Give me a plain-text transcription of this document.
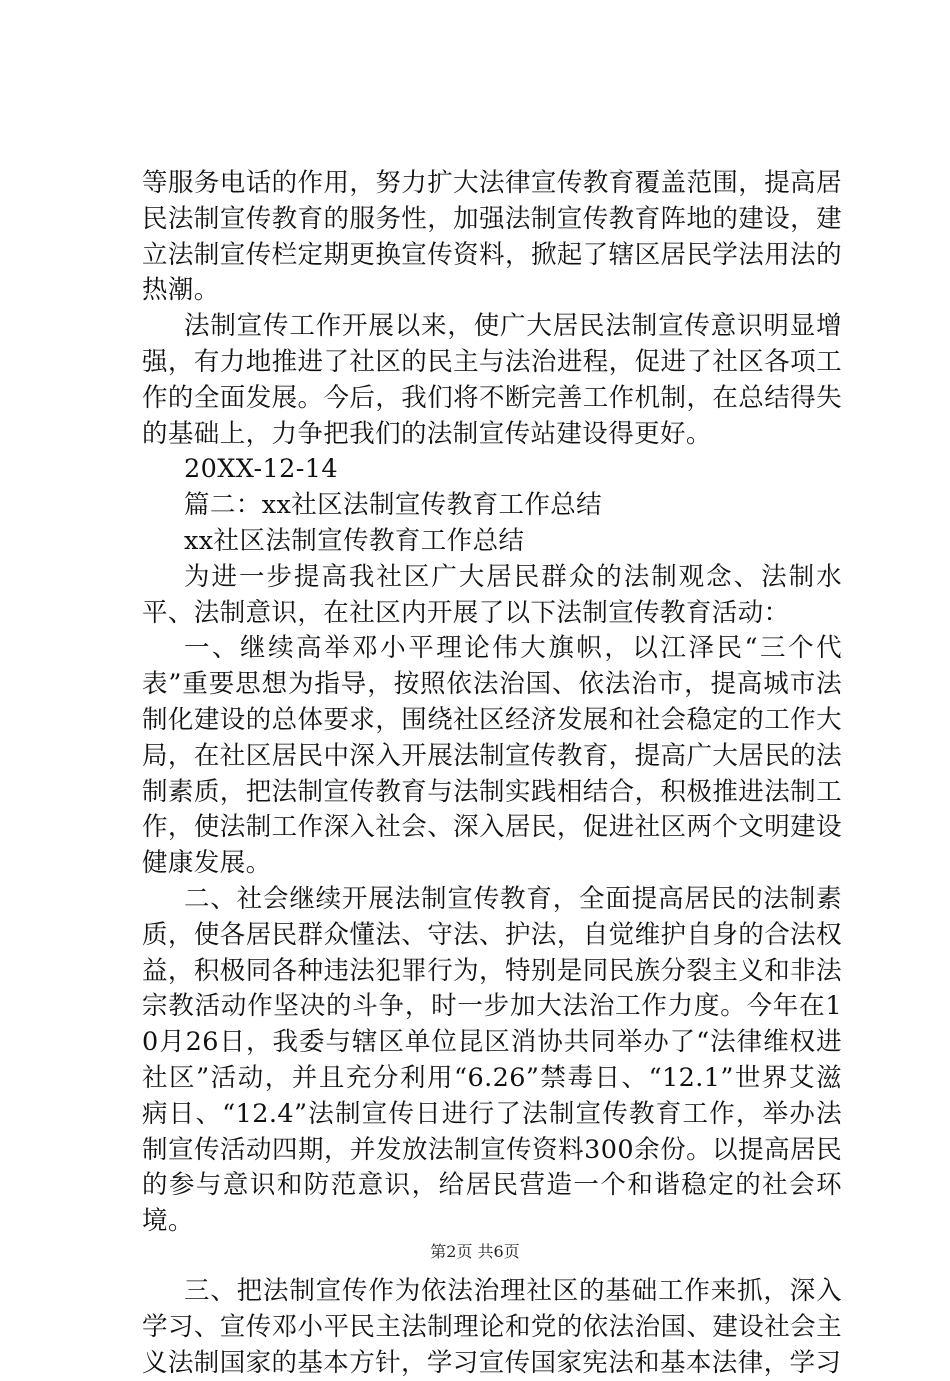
等服务电话的作用，努力扩大法律宣传教育覆盖范围，提高居民法制宣传教育的服务性，加强法制宣传教育阵地的建设，建立法制宣传栏定期更换宣传资料，掀起了辖区居民学法用法的热潮。

法制宣传工作开展以来，使广大居民法制宣传意识明显增强，有力地推进了社区的民主与法治进程，促进了社区各项工作的全面发展。今后，我们将不断完善工作机制，在总结得失的基础上，力争把我们的法制宣传站建设得更好。

20XX-12-14

篇二：xx社区法制宣传教育工作总结

xx社区法制宣传教育工作总结

为进一步提高我社区广大居民群众的法制观念、法制水平、法制意识，在社区内开展了以下法制宣传教育活动：

一、继续高举邓小平理论伟大旗帜，以江泽民“三个代表”重要思想为指导，按照依法治国、依法治市，提高城市法制化建设的总体要求，围绕社区经济发展和社会稳定的工作大局，在社区居民中深入开展法制宣传教育，提高广大居民的法制素质，把法制宣传教育与法制实践相结合，积极推进法制工作，使法制工作深入社会、深入居民，促进社区两个文明建设健康发展。

二、社会继续开展法制宣传教育，全面提高居民的法制素质，使各居民群众懂法、守法、护法，自觉维护自身的合法权益，积极同各种违法犯罪行为，特别是同民族分裂主义和非法宗教活动作坚决的斗争，时一步加大法治工作力度。今年在10月26日，我委与辖区单位昆区消协共同举办了“法律维权进社区”活动，并且充分利用“6.26”禁毒日、“12.1”世界艾滋病日、“12.4”法制宣传日进行了法制宣传教育工作，举办法制宣传活动四期，并发放法制宣传资料300余份。以提高居民的参与意识和防范意识，给居民营造一个和谐稳定的社会环境。

三、把法制宣传作为依法治理社区的基础工作来抓，深入学习、宣传邓小平民主法制理论和党的依法治国、建设社会主义法制国家的基本方针，学习宣传国家宪法和基本法律，学习

第2页 共6页
